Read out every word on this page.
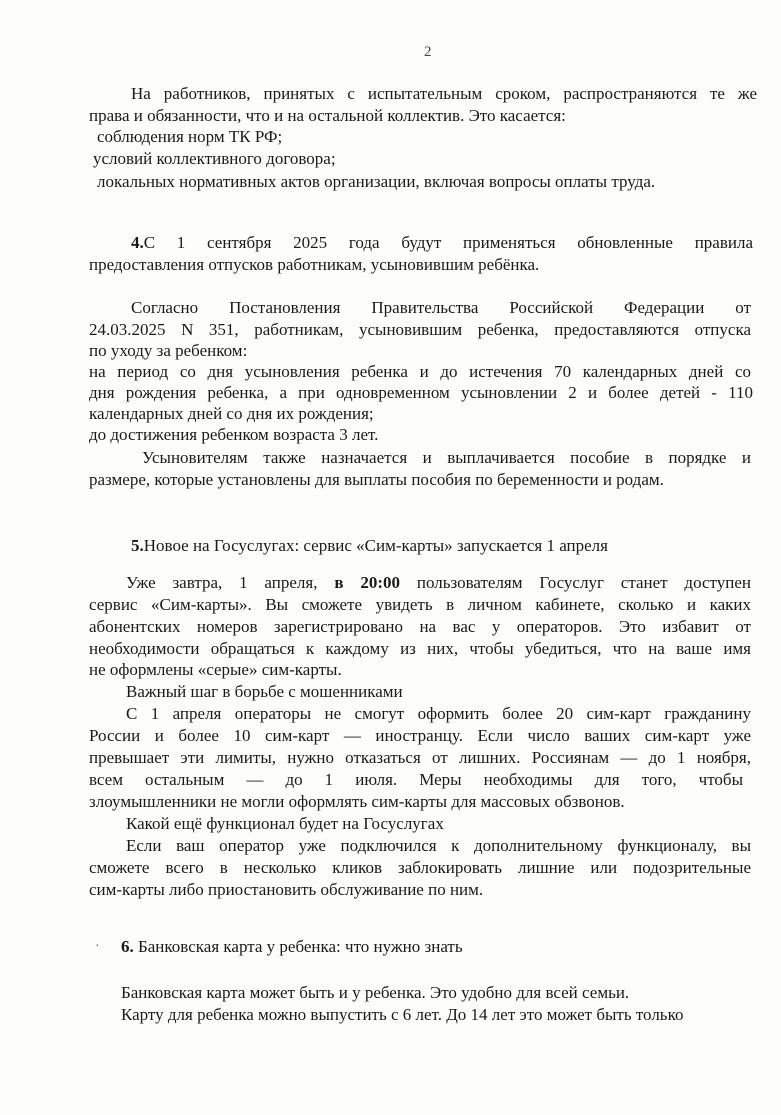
2
На работников, принятых с испытательным сроком, распространяются те же
права и обязанности, что и на остальной коллектив. Это касается:
соблюдения норм ТК РФ;
условий коллективного договора;
локальных нормативных актов организации, включая вопросы оплаты труда.
4.С 1 сентября 2025 года будут применяться обновленные правила
предоставления отпусков работникам, усыновившим ребёнка.
Согласно Постановления Правительства Российской Федерации от
24.03.2025 N 351, работникам, усыновившим ребенка, предоставляются отпуска
по уходу за ребенком:
на период со дня усыновления ребенка и до истечения 70 календарных дней со
дня рождения ребенка, а при одновременном усыновлении 2 и более детей - 110
календарных дней со дня их рождения;
до достижения ребенком возраста 3 лет.
Усыновителям также назначается и выплачивается пособие в порядке и
размере, которые установлены для выплаты пособия по беременности и родам.
5.Новое на Госуслугах: сервис «Сим-карты» запускается 1 апреля
Уже завтра, 1 апреля, в 20:00 пользователям Госуслуг станет доступен
сервис «Сим-карты». Вы сможете увидеть в личном кабинете, сколько и каких
абонентских номеров зарегистрировано на вас у операторов. Это избавит от
необходимости обращаться к каждому из них, чтобы убедиться, что на ваше имя
не оформлены «серые» сим-карты.
Важный шаг в борьбе с мошенниками
С 1 апреля операторы не смогут оформить более 20 сим-карт гражданину
России и более 10 сим-карт — иностранцу. Если число ваших сим-карт уже
превышает эти лимиты, нужно отказаться от лишних. Россиянам — до 1 ноября,
всем остальным — до 1 июля. Меры необходимы для того, чтобы
злоумышленники не могли оформлять сим-карты для массовых обзвонов.
Какой ещё функционал будет на Госуслугах
Если ваш оператор уже подключился к дополнительному функционалу, вы
сможете всего в несколько кликов заблокировать лишние или подозрительные
сим-карты либо приостановить обслуживание по ним.
· 6. Банковская карта у ребенка: что нужно знать
Банковская карта может быть и у ребенка. Это удобно для всей семьи.
Карту для ребенка можно выпустить с 6 лет. До 14 лет это может быть только
